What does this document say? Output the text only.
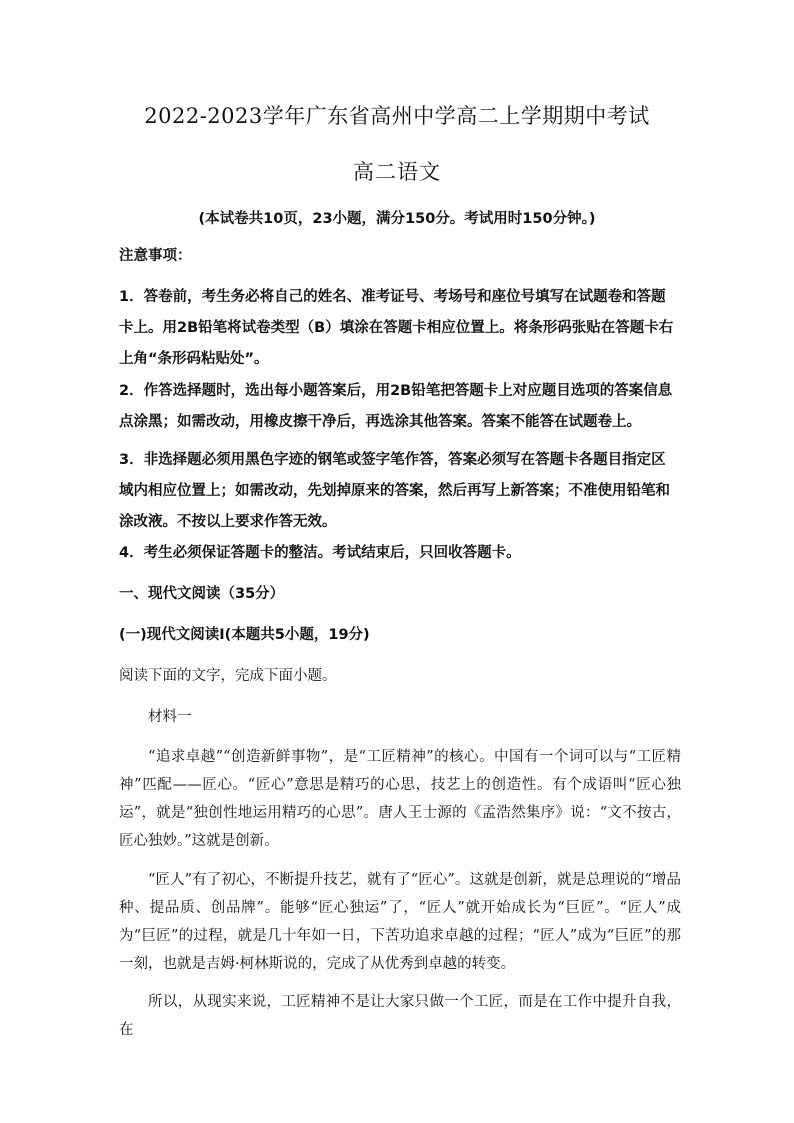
2022-2023学年广东省高州中学高二上学期期中考试
高二语文
(本试卷共10页，23小题，满分150分。考试用时150分钟。)
注意事项：

1．答卷前，考生务必将自己的姓名、准考证号、考场号和座位号填写在试题卷和答题卡上。用2B铅笔将试卷类型（B）填涂在答题卡相应位置上。将条形码张贴在答题卡右上角“条形码粘贴处”。

2．作答选择题时，选出每小题答案后，用2B铅笔把答题卡上对应题目选项的答案信息点涂黑；如需改动，用橡皮擦干净后，再选涂其他答案。答案不能答在试题卷上。

3．非选择题必须用黑色字迹的钢笔或签字笔作答，答案必须写在答题卡各题目指定区域内相应位置上；如需改动，先划掉原来的答案，然后再写上新答案；不准使用铅笔和涂改液。不按以上要求作答无效。

4．考生必须保证答题卡的整洁。考试结束后，只回收答题卡。

一、现代文阅读（35分）
(一)现代文阅读Ⅰ(本题共5小题，19分)
阅读下面的文字，完成下面小题。
材料一
“追求卓越”“创造新鲜事物”，是“工匠精神”的核心。中国有一个词可以与“工匠精神”匹配——匠心。“匠心”意思是精巧的心思，技艺上的创造性。有个成语叫“匠心独运”，就是“独创性地运用精巧的心思”。唐人王士源的《孟浩然集序》说：“文不按古，匠心独妙。”这就是创新。
“匠人”有了初心，不断提升技艺，就有了“匠心”。这就是创新，就是总理说的“增品种、提品质、创品牌”。能够“匠心独运”了，“匠人”就开始成长为“巨匠”。“匠人”成为“巨匠”的过程，就是几十年如一日，下苦功追求卓越的过程；“匠人”成为“巨匠”的那一刻，也就是吉姆·柯林斯说的，完成了从优秀到卓越的转变。
所以，从现实来说，工匠精神不是让大家只做一个工匠，而是在工作中提升自我，在
